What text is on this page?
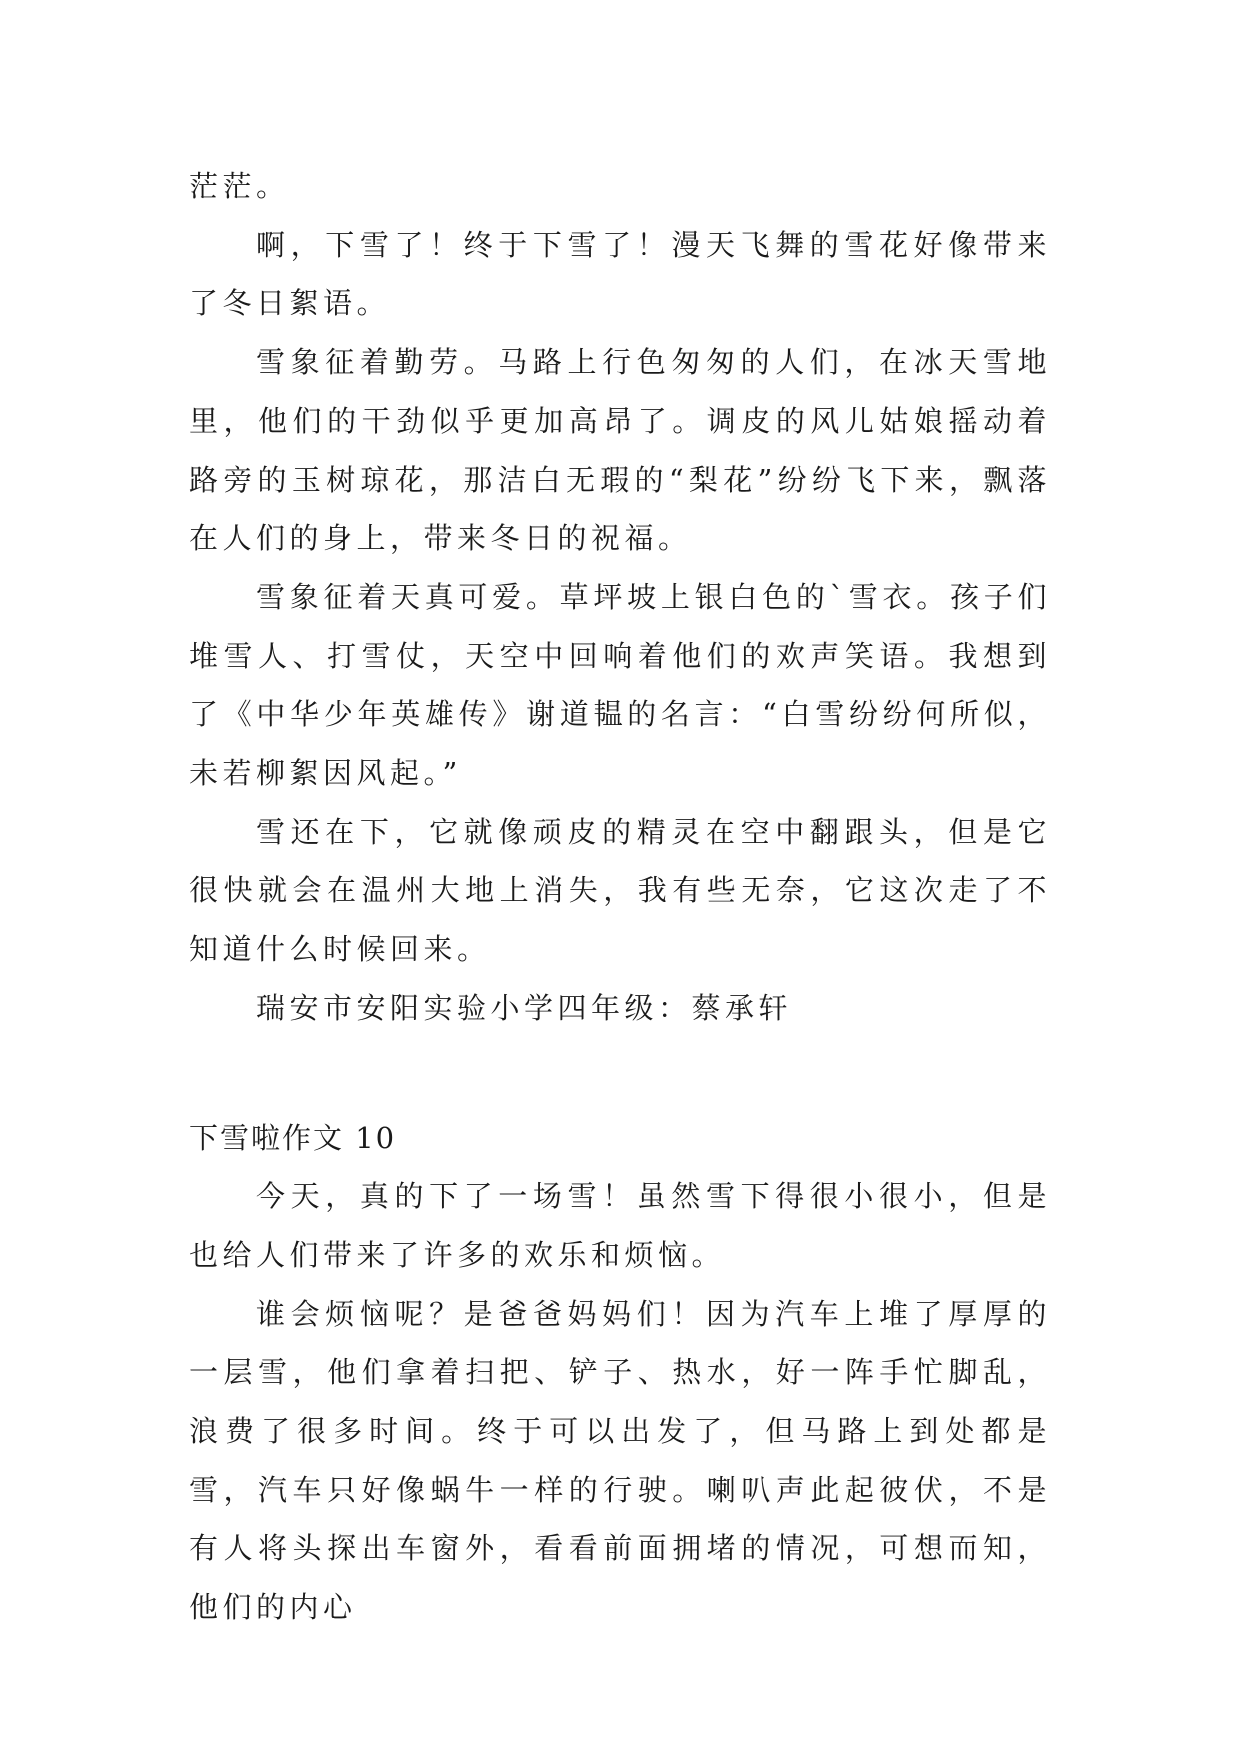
茫茫。

啊，下雪了！终于下雪了！漫天飞舞的雪花好像带来了冬日絮语。

雪象征着勤劳。马路上行色匆匆的人们，在冰天雪地里，他们的干劲似乎更加高昂了。调皮的风儿姑娘摇动着路旁的玉树琼花，那洁白无瑕的“梨花”纷纷飞下来，飘落在人们的身上，带来冬日的祝福。

雪象征着天真可爱。草坪坡上银白色的`雪衣。孩子们堆雪人、打雪仗，天空中回响着他们的欢声笑语。我想到了《中华少年英雄传》谢道韫的名言：“白雪纷纷何所似，未若柳絮因风起。”

雪还在下，它就像顽皮的精灵在空中翻跟头，但是它很快就会在温州大地上消失，我有些无奈，它这次走了不知道什么时候回来。

瑞安市安阳实验小学四年级：蔡承轩

下雪啦作文 10

今天，真的下了一场雪！虽然雪下得很小很小，但是也给人们带来了许多的欢乐和烦恼。

谁会烦恼呢？是爸爸妈妈们！因为汽车上堆了厚厚的一层雪，他们拿着扫把、铲子、热水，好一阵手忙脚乱，浪费了很多时间。终于可以出发了，但马路上到处都是雪，汽车只好像蜗牛一样的行驶。喇叭声此起彼伏，不是有人将头探出车窗外，看看前面拥堵的情况，可想而知，他们的内心
